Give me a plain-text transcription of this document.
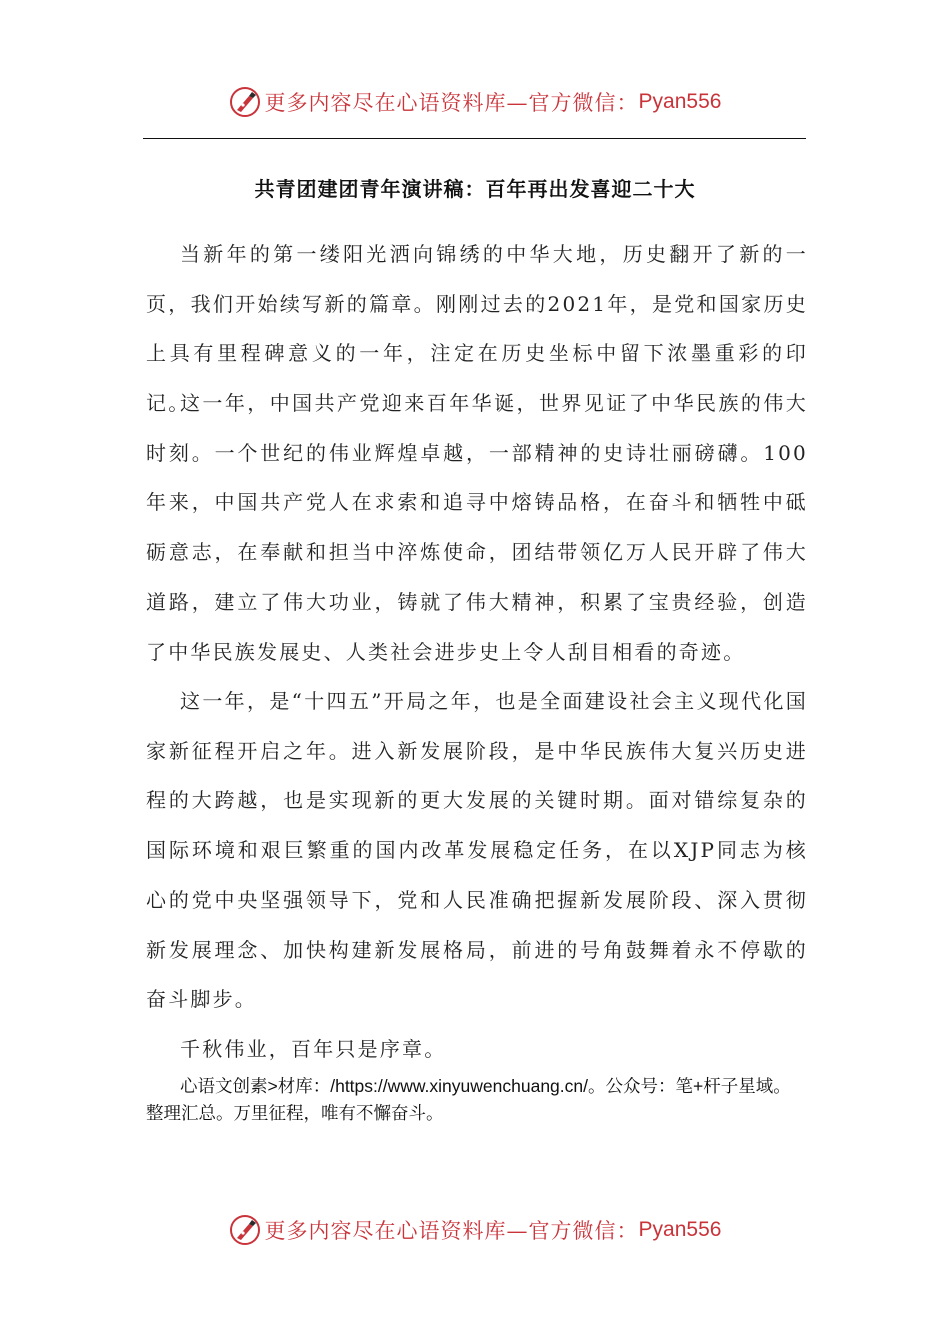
更多内容尽在心语资料库—官方微信： Pyan556
共青团建团青年演讲稿：百年再出发喜迎二十大

当新年的第一缕阳光洒向锦绣的中华大地，历史翻开了新的一页，我们开始续写新的篇章。刚刚过去的2021年，是党和国家历史上具有里程碑意义的一年，注定在历史坐标中留下浓墨重彩的印记。

这一年，中国共产党迎来百年华诞，世界见证了中华民族的伟大时刻。一个世纪的伟业辉煌卓越，一部精神的史诗壮丽磅礴。100年来，中国共产党人在求索和追寻中熔铸品格，在奋斗和牺牲中砥砺意志，在奉献和担当中淬炼使命，团结带领亿万人民开辟了伟大道路，建立了伟大功业，铸就了伟大精神，积累了宝贵经验，创造了中华民族发展史、人类社会进步史上令人刮目相看的奇迹。

这一年，是“十四五”开局之年，也是全面建设社会主义现代化国家新征程开启之年。进入新发展阶段，是中华民族伟大复兴历史进程的大跨越，也是实现新的更大发展的关键时期。面对错综复杂的国际环境和艰巨繁重的国内改革发展稳定任务，在以XJP同志为核心的党中央坚强领导下，党和人民准确把握新发展阶段、深入贯彻新发展理念、加快构建新发展格局，前进的号角鼓舞着永不停歇的奋斗脚步。

千秋伟业，百年只是序章。

心语文创素>材库：/https://www.xinyuwenchuang.cn/。公众号：笔+杆子星域。整理汇总。万里征程，唯有不懈奋斗。

更多内容尽在心语资料库—官方微信： Pyan556
